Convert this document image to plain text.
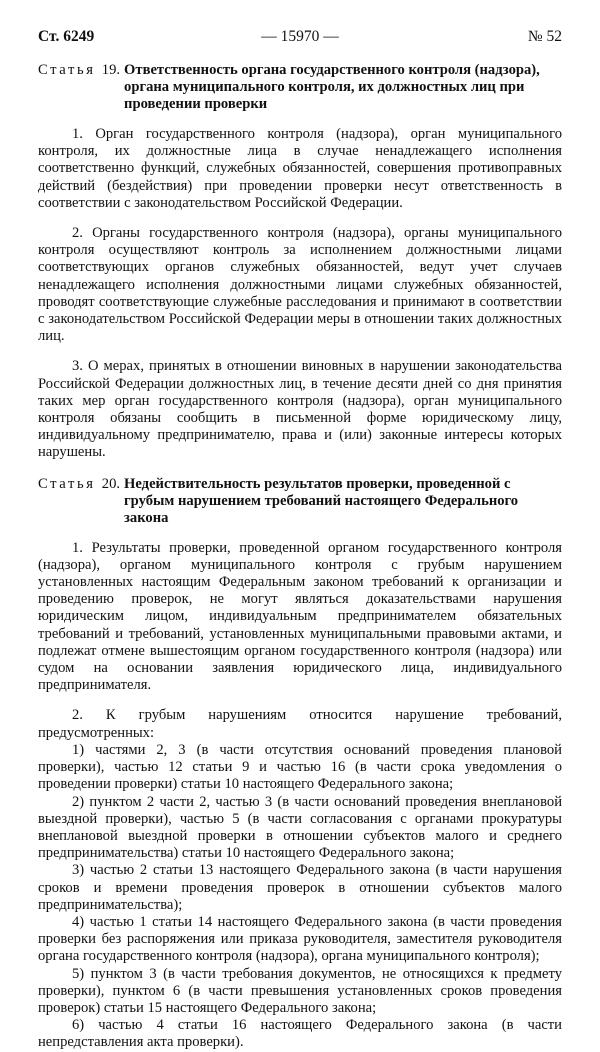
Ст. 6249	— 15970 —	№ 52
Статья 19. Ответственность органа государственного контроля (надзора), органа муниципального контроля, их должностных лиц при проведении проверки

1. Орган государственного контроля (надзора), орган муниципального контроля, их должностные лица в случае ненадлежащего исполнения соответственно функций, служебных обязанностей, совершения противоправных действий (бездействия) при проведении проверки несут ответственность в соответствии с законодательством Российской Федерации.

2. Органы государственного контроля (надзора), органы муниципального контроля осуществляют контроль за исполнением должностными лицами соответствующих органов служебных обязанностей, ведут учет случаев ненадлежащего исполнения должностными лицами служебных обязанностей, проводят соответствующие служебные расследования и принимают в соответствии с законодательством Российской Федерации меры в отношении таких должностных лиц.

3. О мерах, принятых в отношении виновных в нарушении законодательства Российской Федерации должностных лиц, в течение десяти дней со дня принятия таких мер орган государственного контроля (надзора), орган муниципального контроля обязаны сообщить в письменной форме юридическому лицу, индивидуальному предпринимателю, права и (или) законные интересы которых нарушены.

Статья 20. Недействительность результатов проверки, проведенной с грубым нарушением требований настоящего Федерального закона

1. Результаты проверки, проведенной органом государственного контроля (надзора), органом муниципального контроля с грубым нарушением установленных настоящим Федеральным законом требований к организации и проведению проверок, не могут являться доказательствами нарушения юридическим лицом, индивидуальным предпринимателем обязательных требований и требований, установленных муниципальными правовыми актами, и подлежат отмене вышестоящим органом государственного контроля (надзора) или судом на основании заявления юридического лица, индивидуального предпринимателя.

2. К грубым нарушениям относится нарушение требований, предусмотренных:

1) частями 2, 3 (в части отсутствия оснований проведения плановой проверки), частью 12 статьи 9 и частью 16 (в части срока уведомления о проведении проверки) статьи 10 настоящего Федерального закона;

2) пунктом 2 части 2, частью 3 (в части оснований проведения внеплановой выездной проверки), частью 5 (в части согласования с органами прокуратуры внеплановой выездной проверки в отношении субъектов малого и среднего предпринимательства) статьи 10 настоящего Федерального закона;

3) частью 2 статьи 13 настоящего Федерального закона (в части нарушения сроков и времени проведения проверок в отношении субъектов малого предпринимательства);

4) частью 1 статьи 14 настоящего Федерального закона (в части проведения проверки без распоряжения или приказа руководителя, заместителя руководителя органа государственного контроля (надзора), органа муниципального контроля);

5) пунктом 3 (в части требования документов, не относящихся к предмету проверки), пунктом 6 (в части превышения установленных сроков проведения проверок) статьи 15 настоящего Федерального закона;

6) частью 4 статьи 16 настоящего Федерального закона (в части непредставления акта проверки).
